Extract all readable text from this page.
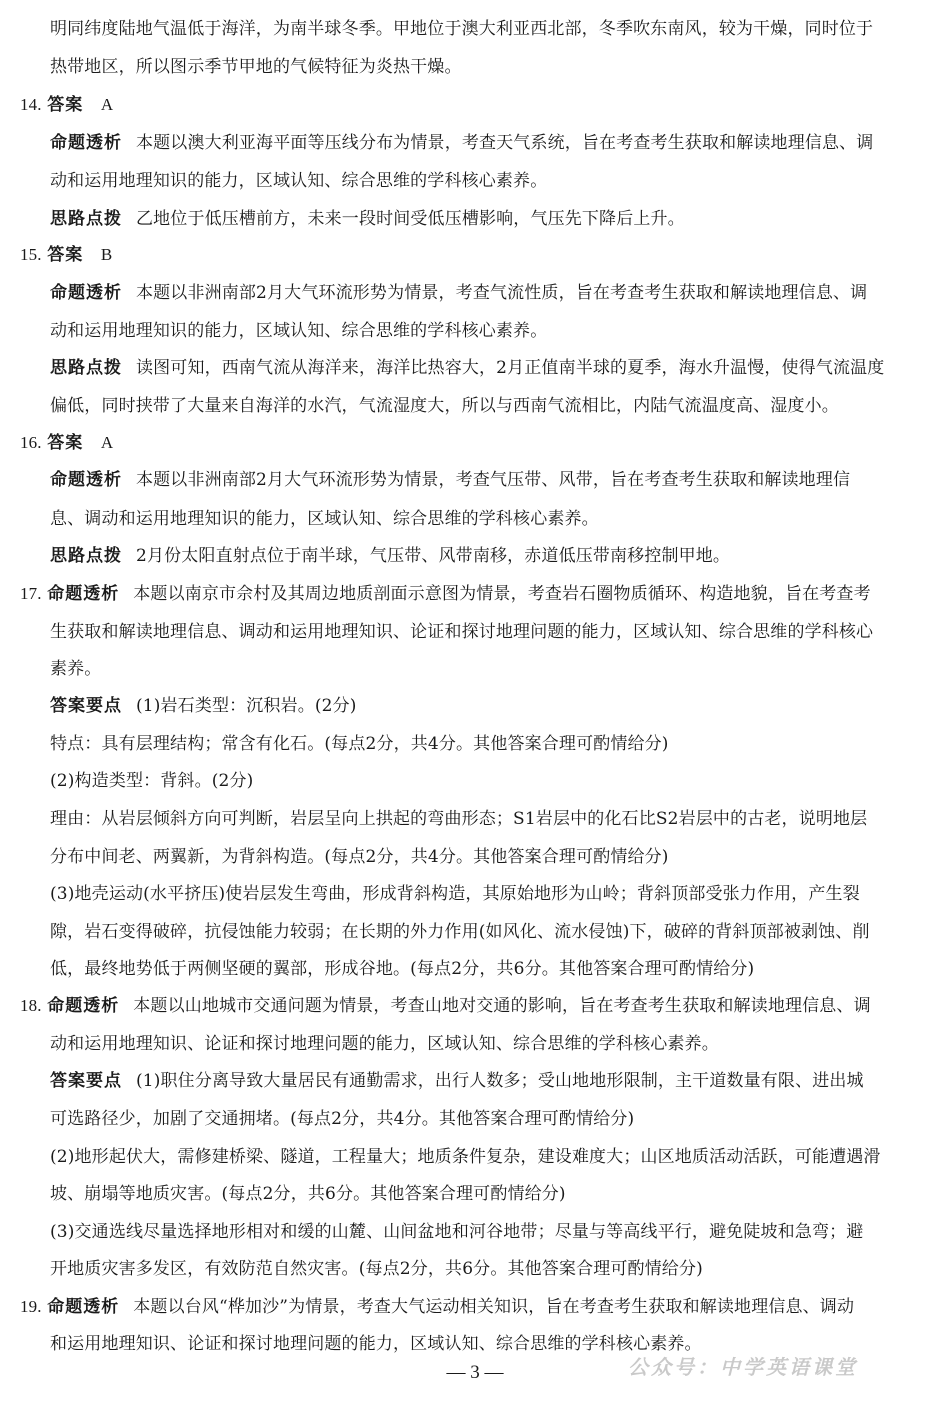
明同纬度陆地气温低于海洋，为南半球冬季。甲地位于澳大利亚西北部，冬季吹东南风，较为干燥，同时位于
热带地区，所以图示季节甲地的气候特征为炎热干燥。
14. 答案 A
命题透析 本题以澳大利亚海平面等压线分布为情景，考查天气系统，旨在考查考生获取和解读地理信息、调
动和运用地理知识的能力，区域认知、综合思维的学科核心素养。
思路点拨 乙地位于低压槽前方，未来一段时间受低压槽影响，气压先下降后上升。
15. 答案 B
命题透析 本题以非洲南部2月大气环流形势为情景，考查气流性质，旨在考查考生获取和解读地理信息、调
动和运用地理知识的能力，区域认知、综合思维的学科核心素养。
思路点拨 读图可知，西南气流从海洋来，海洋比热容大，2月正值南半球的夏季，海水升温慢，使得气流温度
偏低，同时挟带了大量来自海洋的水汽，气流湿度大，所以与西南气流相比，内陆气流温度高、湿度小。
16. 答案 A
命题透析 本题以非洲南部2月大气环流形势为情景，考查气压带、风带，旨在考查考生获取和解读地理信
息、调动和运用地理知识的能力，区域认知、综合思维的学科核心素养。
思路点拨 2月份太阳直射点位于南半球，气压带、风带南移，赤道低压带南移控制甲地。
17. 命题透析 本题以南京市佘村及其周边地质剖面示意图为情景，考查岩石圈物质循环、构造地貌，旨在考查考
生获取和解读地理信息、调动和运用地理知识、论证和探讨地理问题的能力，区域认知、综合思维的学科核心
素养。
答案要点 (1)岩石类型：沉积岩。(2分)
特点：具有层理结构；常含有化石。(每点2分，共4分。其他答案合理可酌情给分)
(2)构造类型：背斜。(2分)
理由：从岩层倾斜方向可判断，岩层呈向上拱起的弯曲形态；S1岩层中的化石比S2岩层中的古老，说明地层
分布中间老、两翼新，为背斜构造。(每点2分，共4分。其他答案合理可酌情给分)
(3)地壳运动(水平挤压)使岩层发生弯曲，形成背斜构造，其原始地形为山岭；背斜顶部受张力作用，产生裂
隙，岩石变得破碎，抗侵蚀能力较弱；在长期的外力作用(如风化、流水侵蚀)下，破碎的背斜顶部被剥蚀、削
低，最终地势低于两侧坚硬的翼部，形成谷地。(每点2分，共6分。其他答案合理可酌情给分)
18. 命题透析 本题以山地城市交通问题为情景，考查山地对交通的影响，旨在考查考生获取和解读地理信息、调
动和运用地理知识、论证和探讨地理问题的能力，区域认知、综合思维的学科核心素养。
答案要点 (1)职住分离导致大量居民有通勤需求，出行人数多；受山地地形限制，主干道数量有限、进出城
可选路径少，加剧了交通拥堵。(每点2分，共4分。其他答案合理可酌情给分)
(2)地形起伏大，需修建桥梁、隧道，工程量大；地质条件复杂，建设难度大；山区地质活动活跃，可能遭遇滑
坡、崩塌等地质灾害。(每点2分，共6分。其他答案合理可酌情给分)
(3)交通选线尽量选择地形相对和缓的山麓、山间盆地和河谷地带；尽量与等高线平行，避免陡坡和急弯；避
开地质灾害多发区，有效防范自然灾害。(每点2分，共6分。其他答案合理可酌情给分)
19. 命题透析 本题以台风“桦加沙”为情景，考查大气运动相关知识，旨在考查考生获取和解读地理信息、调动
和运用地理知识、论证和探讨地理问题的能力，区域认知、综合思维的学科核心素养。
— 3 —	公众号：中学英语课堂
